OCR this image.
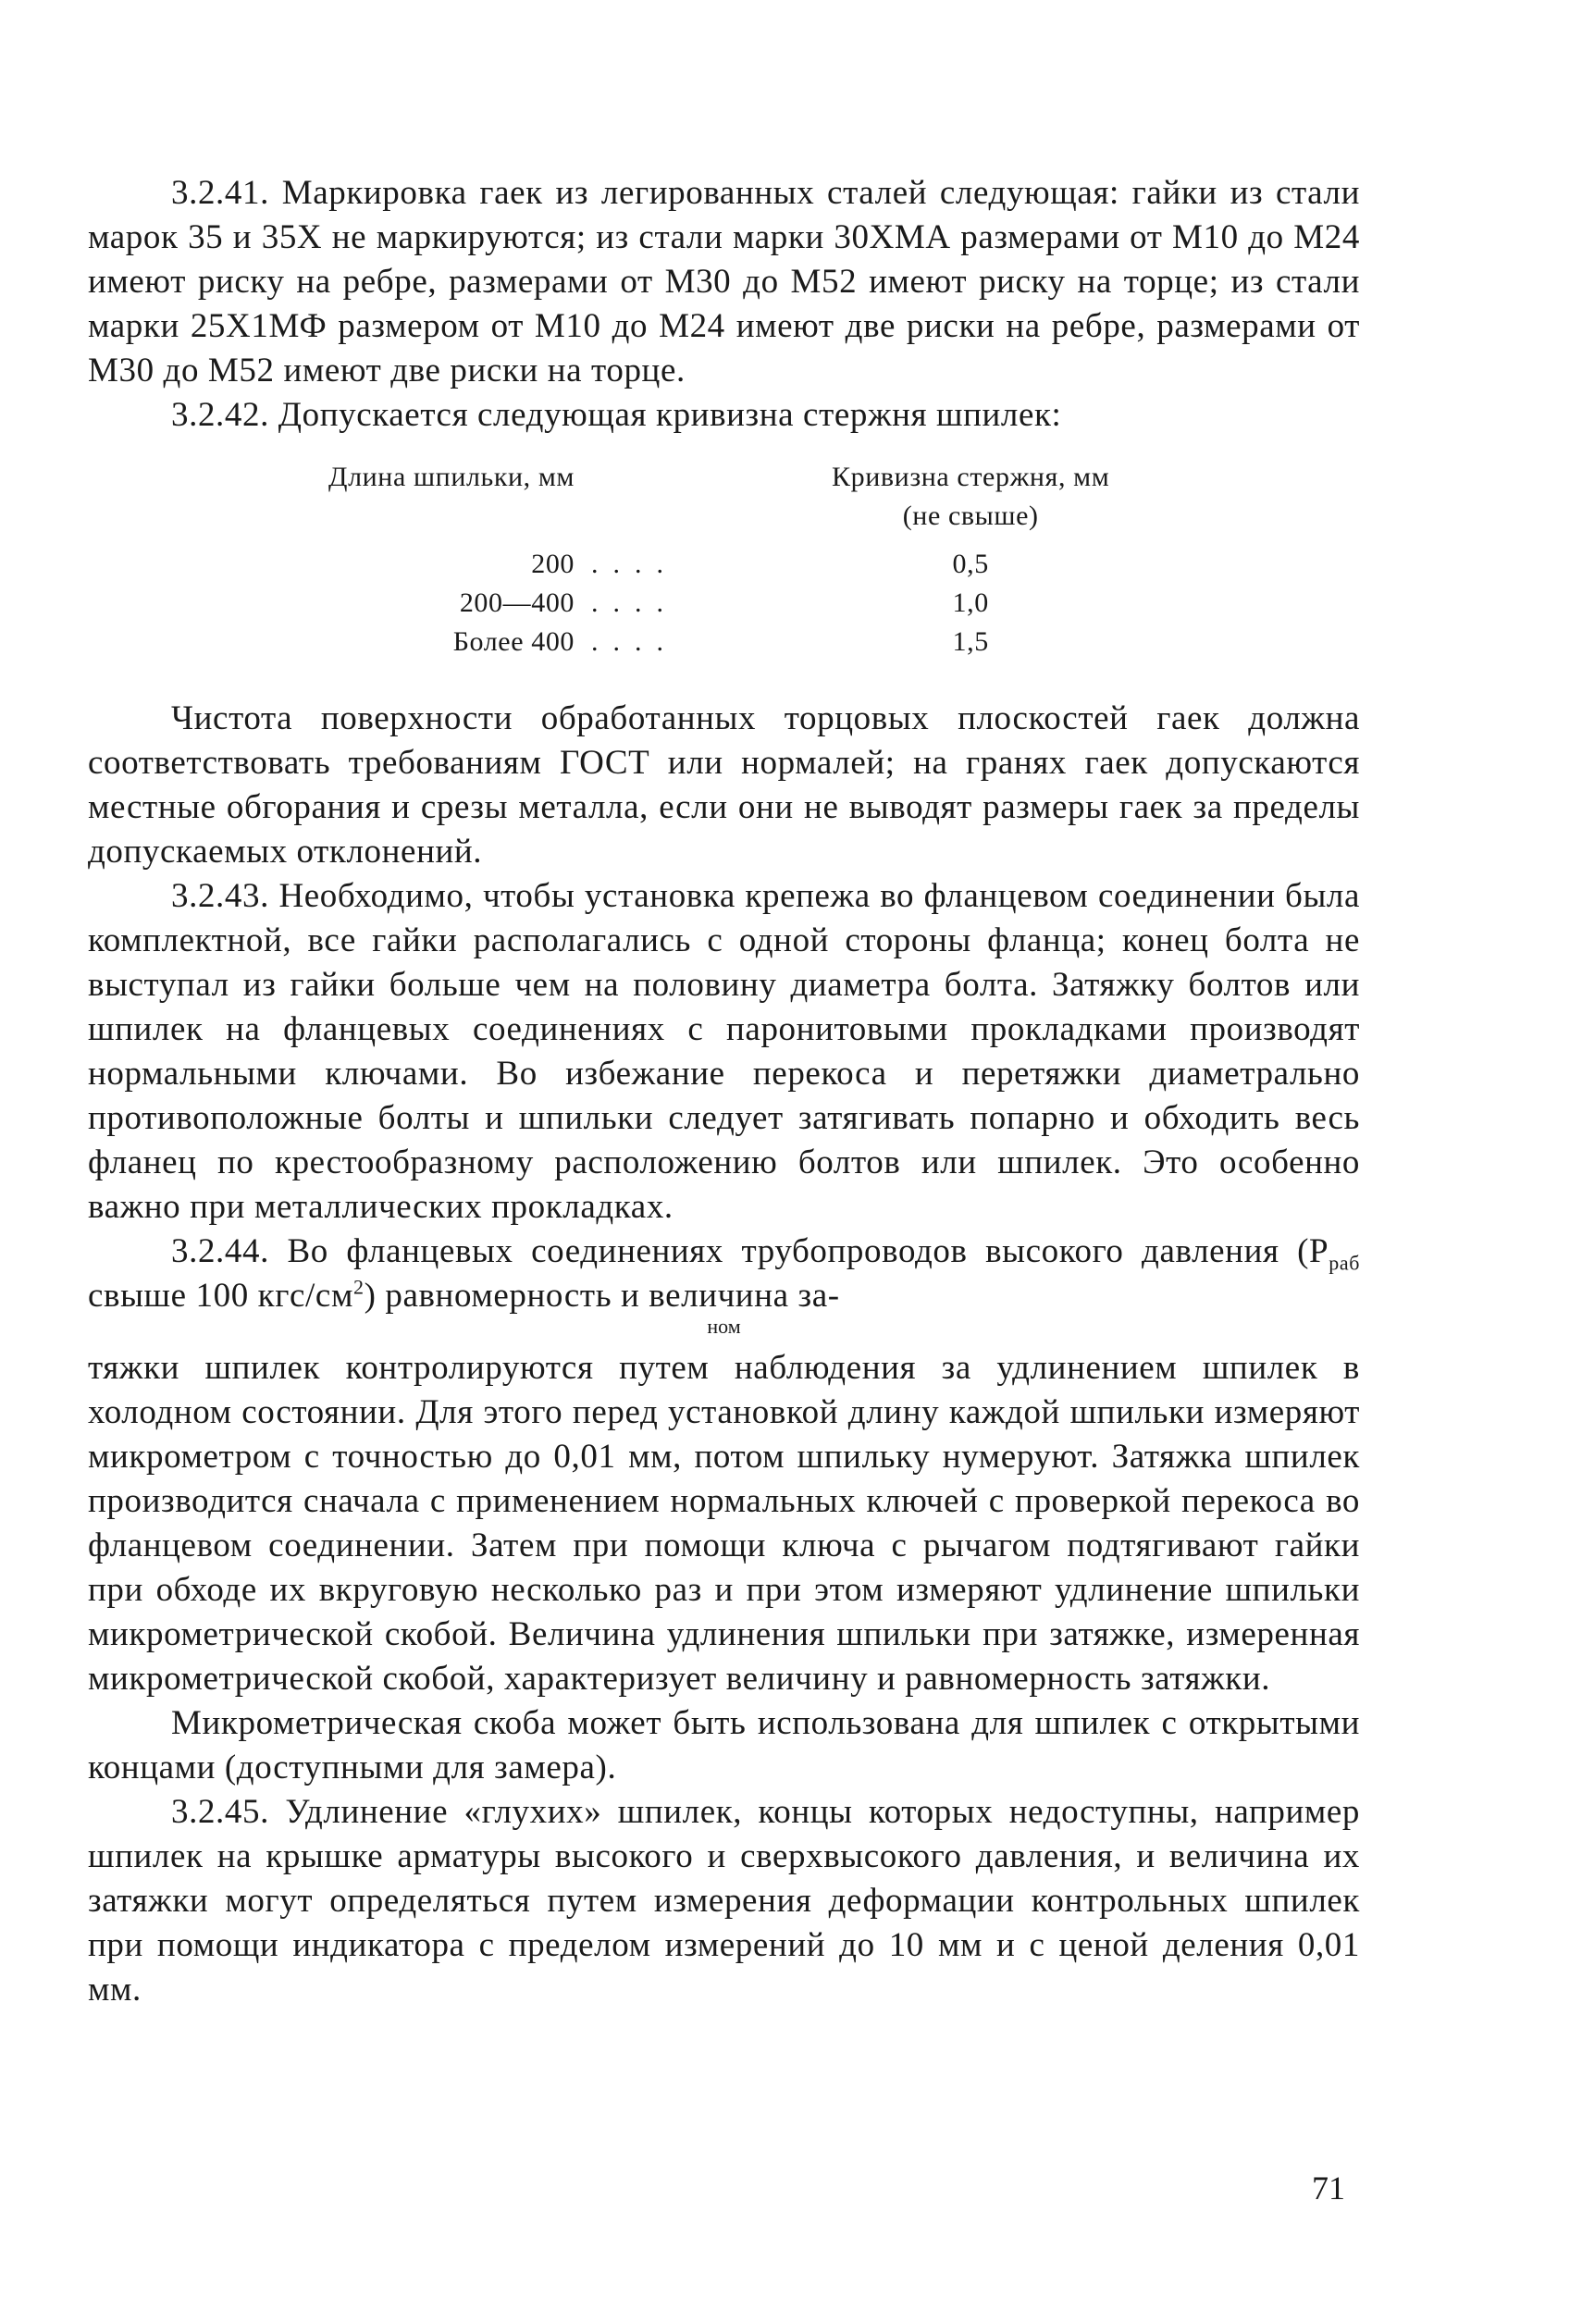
3.2.41. Маркировка гаек из легированных сталей следующая: гайки из стали марок 35 и 35Х не маркируются; из стали марки 30ХМА размерами от М10 до М24 имеют риску на ребре, размерами от М30 до М52 имеют риску на торце; из стали марки 25Х1МФ размером от М10 до М24 имеют две риски на ребре, размерами от М30 до М52 имеют две риски на торце.

3.2.42. Допускается следующая кривизна стержня шпилек:

Длина шпильки, мм		Кривизна стержня, мм
(не свыше)

200	....	0,5
200—400	....	1,0
Более 400	....	1,5

Чистота поверхности обработанных торцовых плоскостей гаек должна соответствовать требованиям ГОСТ или нормалей; на гранях гаек допускаются местные обгорания и срезы металла, если они не выводят размеры гаек за пределы допускаемых отклонений.

3.2.43. Необходимо, чтобы установка крепежа во фланцевом соединении была комплектной, все гайки располагались с одной стороны фланца; конец болта не выступал из гайки больше чем на половину диаметра болта. Затяжку болтов или шпилек на фланцевых соединениях с паронитовыми прокладками производят нормальными ключами. Во избежание перекоса и перетяжки диаметрально противоположные болты и шпильки следует затягивать попарно и обходить весь фланец по крестообразному расположению болтов или шпилек. Это особенно важно при металлических прокладках.

3.2.44. Во фланцевых соединениях трубопроводов высокого давления ($P_{раб}$ свыше 100 кгс/$см^2$) равномерность и величина за-

ном

тяжки шпилек контролируются путем наблюдения за удлинением шпилек в холодном состоянии. Для этого перед установкой длину каждой шпильки измеряют микрометром с точностью до 0,01 мм, потом шпильку нумеруют. Затяжка шпилек производится сначала с применением нормальных ключей с проверкой перекоса во фланцевом соединении. Затем при помощи ключа с рычагом подтягивают гайки при обходе их вкруговую несколько раз и при этом измеряют удлинение шпильки микрометрической скобой. Величина удлинения шпильки при затяжке, измеренная микрометрической скобой, характеризует величину и равномерность затяжки.

Микрометрическая скоба может быть использована для шпилек с открытыми концами (доступными для замера).

3.2.45. Удлинение «глухих» шпилек, концы которых недоступны, например шпилек на крышке арматуры высокого и сверхвысокого давления, и величина их затяжки могут определяться путем измерения деформации контрольных шпилек при помощи индикатора с пределом измерений до 10 мм и с ценой деления 0,01 мм.

71
